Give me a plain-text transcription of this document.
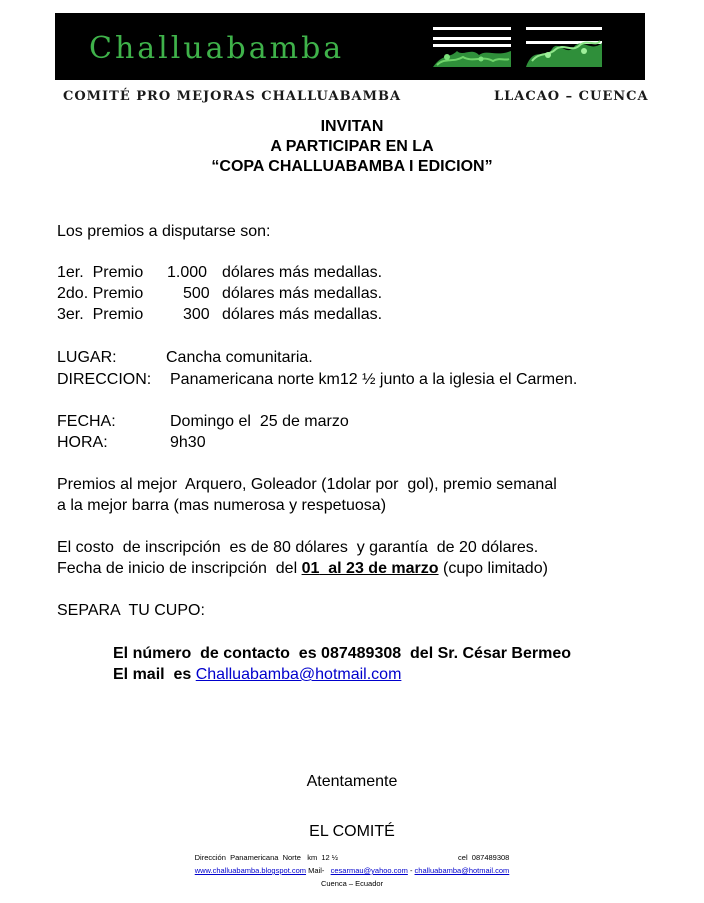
Challuabamba
COMITÉ PRO MEJORAS CHALLUABAMBA	LLACAO – CUENCA
INVITAN
A PARTICIPAR EN LA
“COPA CHALLUABAMBA I EDICION”
Los premios a disputarse son:
1er.  Premio 1.000 dólares más medallas.
2do. Premio 500 dólares más medallas.
3er.  Premio 300 dólares más medallas.
LUGAR:	Cancha comunitaria.
DIRECCION: Panamericana norte km12 ½ junto a la iglesia el Carmen.
FECHA:	Domingo el  25 de marzo
HORA:	9h30
Premios al mejor  Arquero, Goleador (1dolar por  gol), premio semanal
a la mejor barra (mas numerosa y respetuosa)
El costo  de inscripción  es de 80 dólares  y garantía  de 20 dólares.
Fecha de inicio de inscripción  del 01  al 23 de marzo (cupo limitado)
SEPARA  TU CUPO:
El número  de contacto  es 087489308  del Sr. César Bermeo
El mail  es Challuabamba@hotmail.com
Atentamente
EL COMITÉ
Dirección  Panamericana  Norte   km  12 ½	cel  087489308
www.challuabamba.blogspot.com Mail-   cesarmau@yahoo.com - challuabamba@hotmail.com
Cuenca – Ecuador
